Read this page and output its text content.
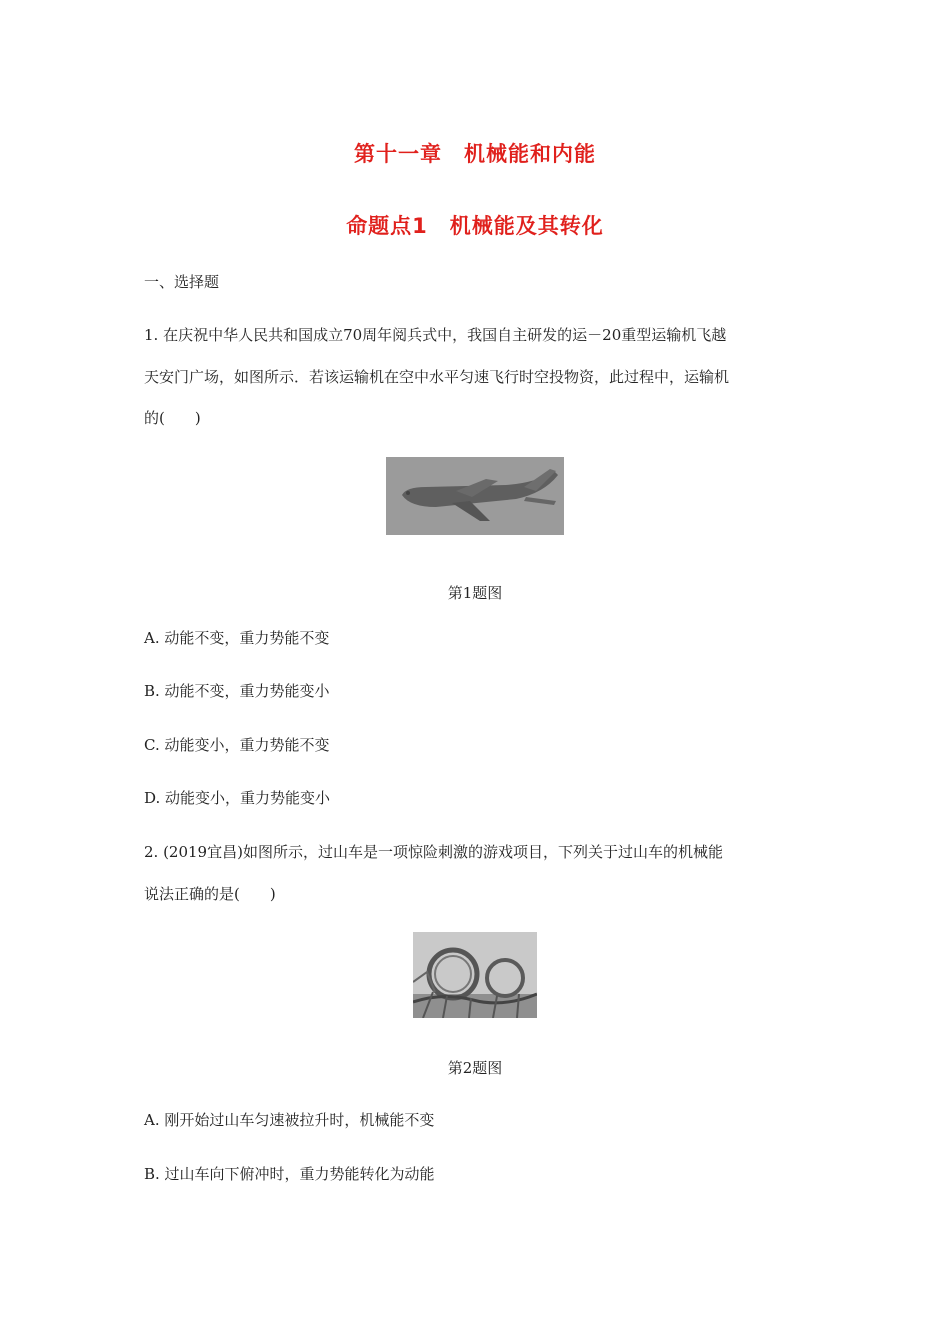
第十一章　机械能和内能
命题点1　机械能及其转化
一、选择题
1. 在庆祝中华人民共和国成立70周年阅兵式中，我国自主研发的运－20重型运输机飞越
天安门广场，如图所示．若该运输机在空中水平匀速飞行时空投物资，此过程中，运输机
的(　　)
第1题图
A. 动能不变，重力势能不变
B. 动能不变，重力势能变小
C. 动能变小，重力势能不变
D. 动能变小，重力势能变小
2. (2019宜昌)如图所示，过山车是一项惊险刺激的游戏项目，下列关于过山车的机械能
说法正确的是(　　)
第2题图
A. 刚开始过山车匀速被拉升时，机械能不变
B. 过山车向下俯冲时，重力势能转化为动能
